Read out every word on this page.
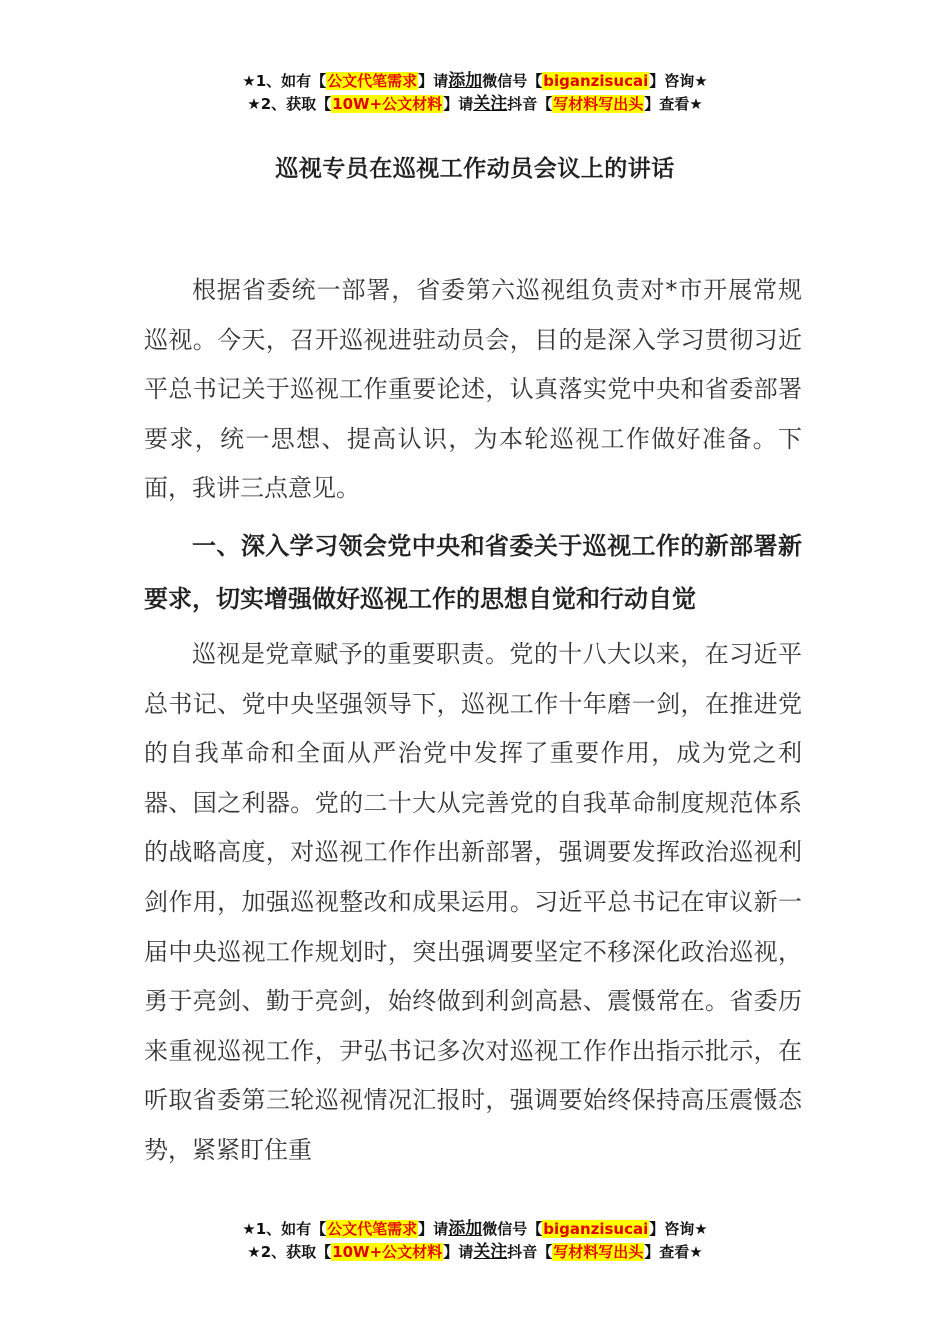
★1、如有【公文代笔需求】请添加微信号【biganzisucai】咨询★
★2、获取【10W+公文材料】请关注抖音【写材料写出头】查看★
巡视专员在巡视工作动员会议上的讲话

根据省委统一部署，省委第六巡视组负责对*市开展常规巡视。今天，召开巡视进驻动员会，目的是深入学习贯彻习近平总书记关于巡视工作重要论述，认真落实党中央和省委部署要求，统一思想、提高认识，为本轮巡视工作做好准备。下面，我讲三点意见。

一、深入学习领会党中央和省委关于巡视工作的新部署新要求，切实增强做好巡视工作的思想自觉和行动自觉

巡视是党章赋予的重要职责。党的十八大以来，在习近平总书记、党中央坚强领导下，巡视工作十年磨一剑，在推进党的自我革命和全面从严治党中发挥了重要作用，成为党之利器、国之利器。党的二十大从完善党的自我革命制度规范体系的战略高度，对巡视工作作出新部署，强调要发挥政治巡视利剑作用，加强巡视整改和成果运用。习近平总书记在审议新一届中央巡视工作规划时，突出强调要坚定不移深化政治巡视，勇于亮剑、勤于亮剑，始终做到利剑高悬、震慑常在。省委历来重视巡视工作，尹弘书记多次对巡视工作作出指示批示，在听取省委第三轮巡视情况汇报时，强调要始终保持高压震慑态势，紧紧盯住重

★1、如有【公文代笔需求】请添加微信号【biganzisucai】咨询★
★2、获取【10W+公文材料】请关注抖音【写材料写出头】查看★
